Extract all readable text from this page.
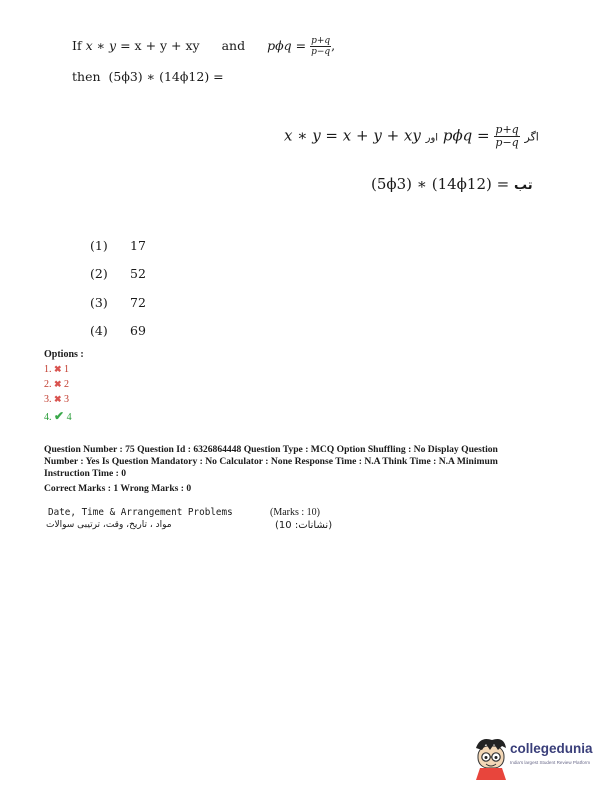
If x ∗ y = x + y + xy and $p\phi q = \frac{p+q}{p-q}$ ,
then (5ϕ3) ∗ (14ϕ12) =
x ∗ y = x + y + xy اور $p\phi q = \frac{p+q}{p-q}$ اگر
(5ϕ3) ∗ (14ϕ12) = تب
(1) 17
(2) 52
(3) 72
(4) 69
Options :
1. ✖ 1
2. ✖ 2
3. ✖ 3
4. ✔ 4

Question Number : 75 Question Id : 6326864448 Question Type : MCQ Option Shuffling : No Display Question

Number : Yes Is Question Mandatory : No Calculator : None Response Time : N.A Think Time : N.A Minimum

Instruction Time : 0

Correct Marks : 1 Wrong Marks : 0

Date, Time & Arrangement Problems
مواد ، تاریخ، وقت، ترتیبی سوالات
(Marks : 10)
(نشانات: 10)
collegedunia
India's largest Student Review Platform
